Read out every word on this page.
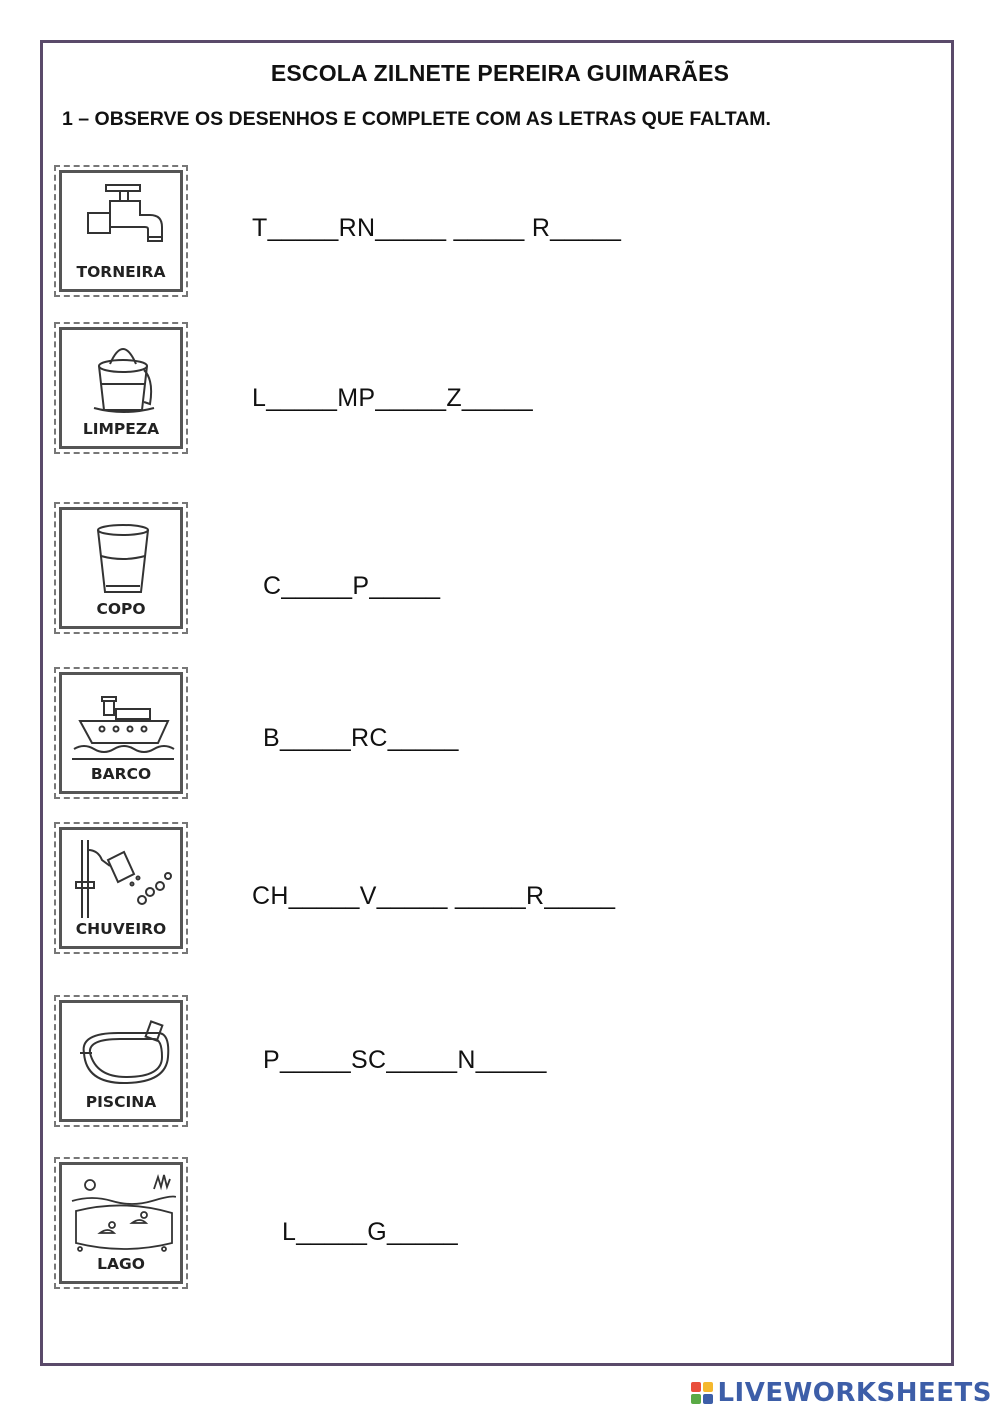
ESCOLA ZILNETE PEREIRA GUIMARÃES
1 – OBSERVE OS DESENHOS E COMPLETE COM AS LETRAS QUE FALTAM.
TORNEIRA
T_____RN_____ _____ R_____
LIMPEZA
L_____MP_____Z_____
COPO
C_____P_____
BARCO
B_____RC_____
CHUVEIRO
CH_____V_____ _____R_____
PISCINA
P_____SC_____N_____
LAGO
L_____G_____
LIVEWORKSHEETS
